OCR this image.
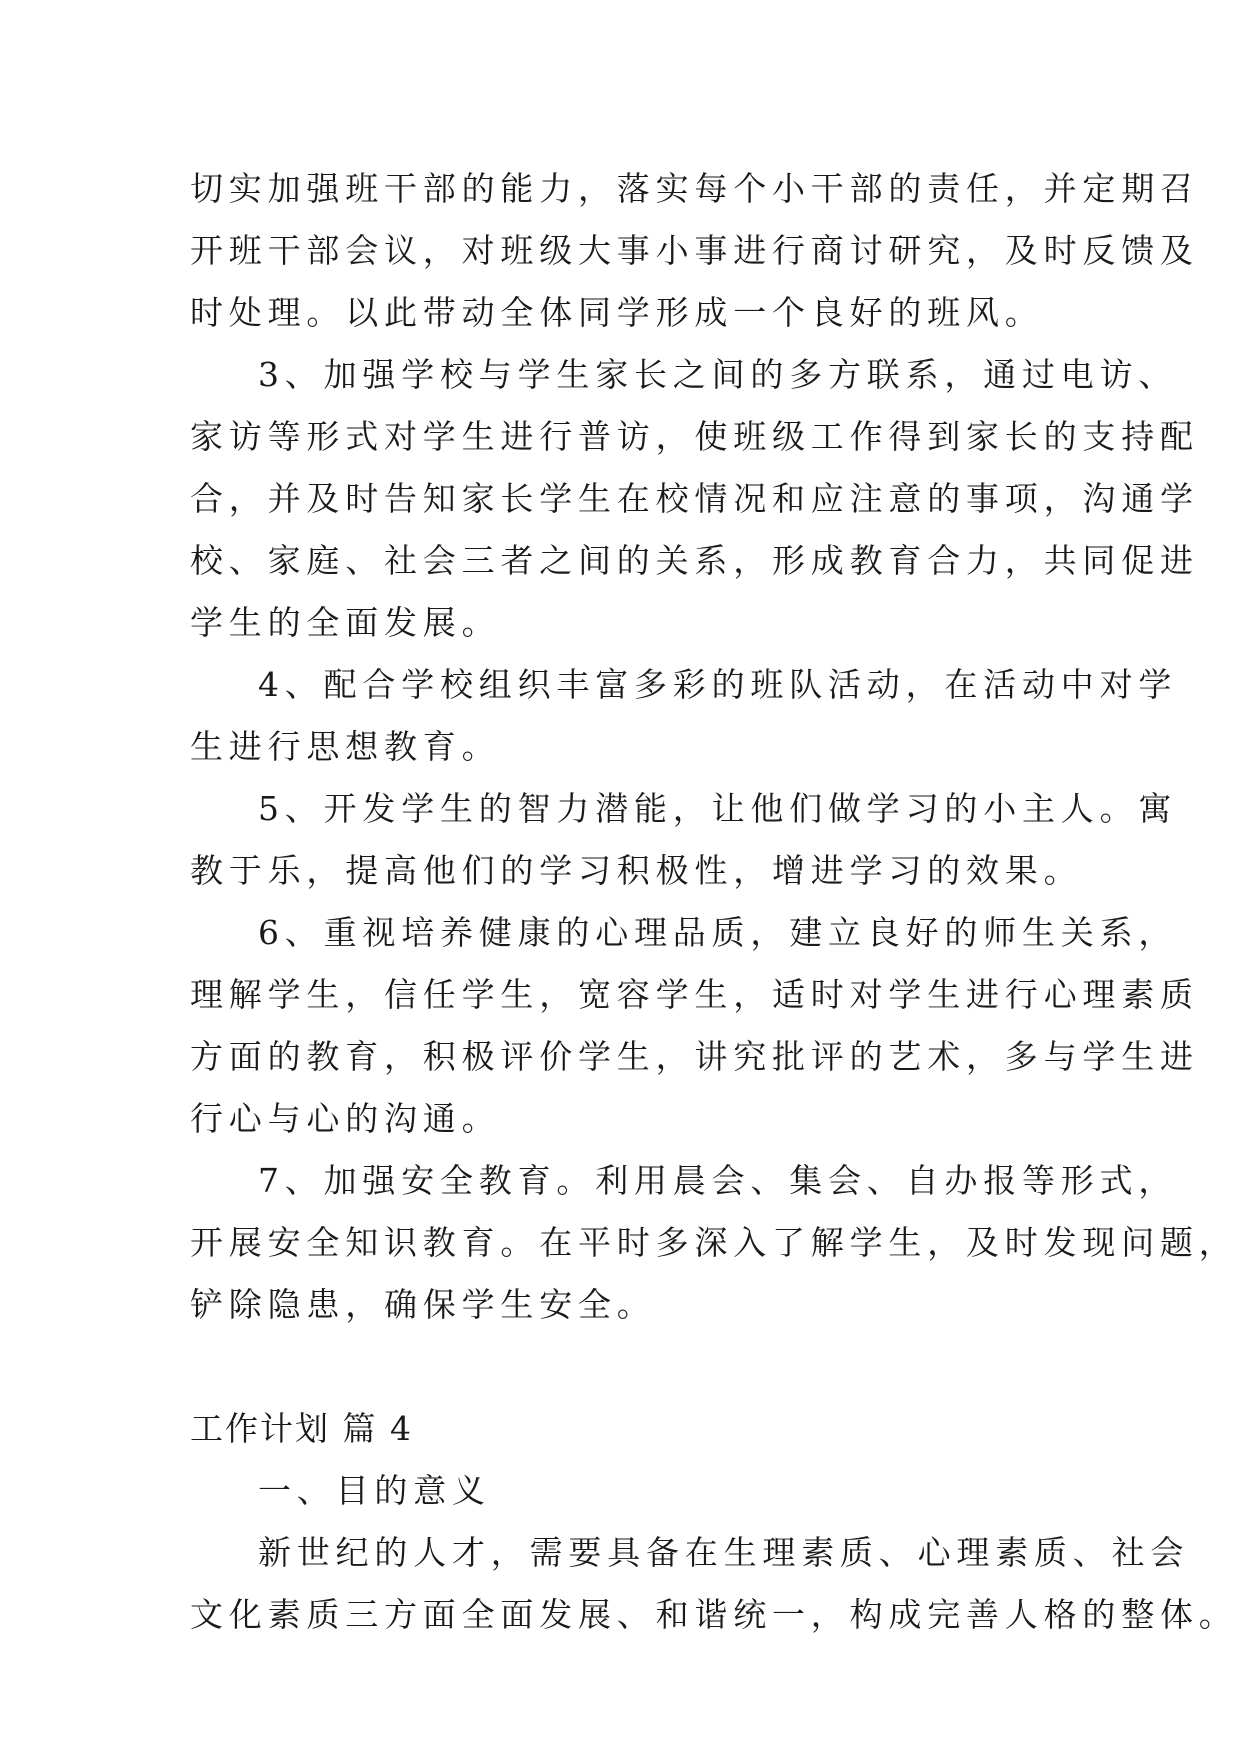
切实加强班干部的能力，落实每个小干部的责任，并定期召
开班干部会议，对班级大事小事进行商讨研究，及时反馈及
时处理。以此带动全体同学形成一个良好的班风。
3、加强学校与学生家长之间的多方联系，通过电访、
家访等形式对学生进行普访，使班级工作得到家长的支持配
合，并及时告知家长学生在校情况和应注意的事项，沟通学
校、家庭、社会三者之间的关系，形成教育合力，共同促进
学生的全面发展。
4、配合学校组织丰富多彩的班队活动，在活动中对学
生进行思想教育。
5、开发学生的智力潜能，让他们做学习的小主人。寓
教于乐，提高他们的学习积极性，增进学习的效果。
6、重视培养健康的心理品质，建立良好的师生关系，
理解学生，信任学生，宽容学生，适时对学生进行心理素质
方面的教育，积极评价学生，讲究批评的艺术，多与学生进
行心与心的沟通。
7、加强安全教育。利用晨会、集会、自办报等形式，
开展安全知识教育。在平时多深入了解学生，及时发现问题，
铲除隐患，确保学生安全。
工作计划 篇 4
一、目的意义
新世纪的人才，需要具备在生理素质、心理素质、社会
文化素质三方面全面发展、和谐统一，构成完善人格的整体。
